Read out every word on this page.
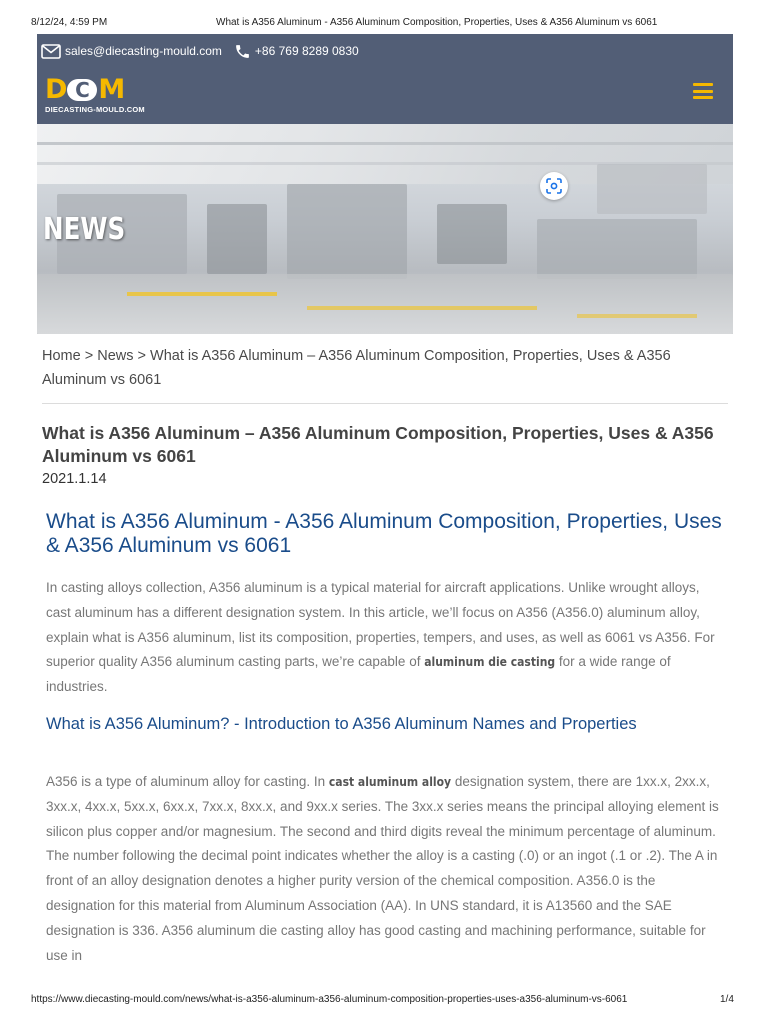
8/12/24, 4:59 PM	What is A356 Aluminum - A356 Aluminum Composition, Properties, Uses & A356 Aluminum vs 6061
sales@diecasting-mould.com	+86 769 8289 0830
D C M
DIECASTING-MOULD.COM
NEWS
Home > News > What is A356 Aluminum – A356 Aluminum Composition, Properties, Uses & A356 Aluminum vs 6061
What is A356 Aluminum – A356 Aluminum Composition, Properties, Uses & A356 Aluminum vs 6061
2021.1.14
What is A356 Aluminum - A356 Aluminum Composition, Properties, Uses & A356 Aluminum vs 6061

In casting alloys collection, A356 aluminum is a typical material for aircraft applications. Unlike wrought alloys, cast aluminum has a different designation system. In this article, we’ll focus on A356 (A356.0) aluminum alloy, explain what is A356 aluminum, list its composition, properties, tempers, and uses, as well as 6061 vs A356. For superior quality A356 aluminum casting parts, we’re capable of aluminum die casting for a wide range of industries.

What is A356 Aluminum? - Introduction to A356 Aluminum Names and Properties

A356 is a type of aluminum alloy for casting. In cast aluminum alloy designation system, there are 1xx.x, 2xx.x, 3xx.x, 4xx.x, 5xx.x, 6xx.x, 7xx.x, 8xx.x, and 9xx.x series. The 3xx.x series means the principal alloying element is silicon plus copper and/or magnesium. The second and third digits reveal the minimum percentage of aluminum. The number following the decimal point indicates whether the alloy is a casting (.0) or an ingot (.1 or .2). The A in front of an alloy designation denotes a higher purity version of the chemical composition. A356.0 is the designation for this material from Aluminum Association (AA). In UNS standard, it is A13560 and the SAE designation is 336. A356 aluminum die casting alloy has good casting and machining performance, suitable for use in

https://www.diecasting-mould.com/news/what-is-a356-aluminum-a356-aluminum-composition-properties-uses-a356-aluminum-vs-6061	1/4
